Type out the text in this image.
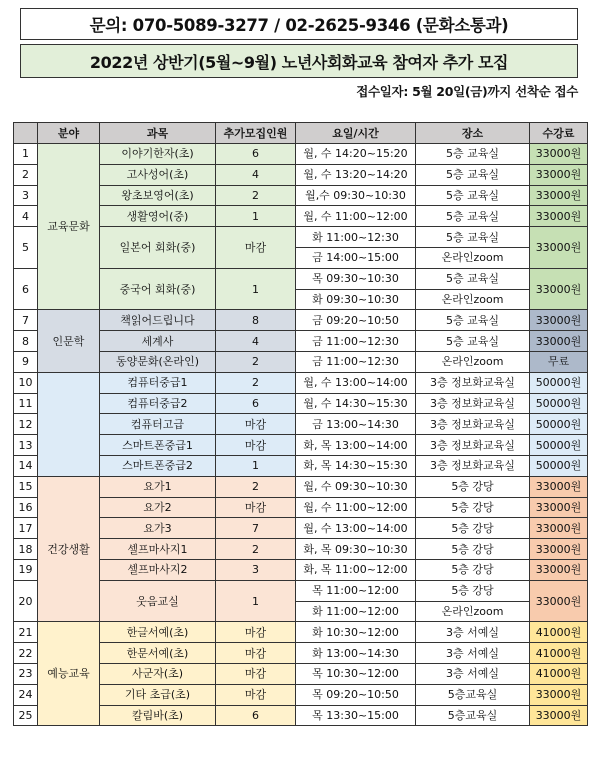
문의: 070-5089-3277 / 02-2625-9346 (문화소통과)
2022년 상반기(5월~9월) 노년사회화교육 참여자 추가 모집
접수일자: 5월 20일(금)까지 선착순 접수
	분야	과목	추가모집인원	요일/시간	장소	수강료
1	교육문화	이야기한자(초)	6	월, 수 14:20~15:20	5층 교육실	33000원
2		고사성어(초)	4	월, 수 13:20~14:20	5층 교육실	33000원
3		왕초보영어(초)	2	월,수 09:30~10:30	5층 교육실	33000원
4		생활영어(중)	1	월, 수 11:00~12:00	5층 교육실	33000원
5		일본어 회화(중)	마감	화 11:00~12:30	5층 교육실	33000원
				금 14:00~15:00	온라인zoom	
6		중국어 회화(중)	1	목 09:30~10:30	5층 교육실	33000원
				화 09:30~10:30	온라인zoom	
7	인문학	책읽어드립니다	8	금 09:20~10:50	5층 교육실	33000원
8		세계사	4	금 11:00~12:30	5층 교육실	33000원
9		동양문화(온라인)	2	금 11:00~12:30	온라인zoom	무료
10		컴퓨터중급1	2	월, 수 13:00~14:00	3층 정보화교육실	50000원
11		컴퓨터중급2	6	월, 수 14:30~15:30	3층 정보화교육실	50000원
12		컴퓨터고급	마감	금 13:00~14:30	3층 정보화교육실	50000원
13		스마트폰중급1	마감	화, 목 13:00~14:00	3층 정보화교육실	50000원
14		스마트폰중급2	1	화, 목 14:30~15:30	3층 정보화교육실	50000원
15	건강생활	요가1	2	월, 수 09:30~10:30	5층 강당	33000원
16		요가2	마감	월, 수 11:00~12:00	5층 강당	33000원
17		요가3	7	월, 수 13:00~14:00	5층 강당	33000원
18		셀프마사지1	2	화, 목 09:30~10:30	5층 강당	33000원
19		셀프마사지2	3	화, 목 11:00~12:00	5층 강당	33000원
20		웃음교실	1	목 11:00~12:00	5층 강당	33000원
				화 11:00~12:00	온라인zoom	
21	예능교육	한글서예(초)	마감	화 10:30~12:00	3층 서예실	41000원
22		한문서예(초)	마감	화 13:00~14:30	3층 서예실	41000원
23		사군자(초)	마감	목 10:30~12:00	3층 서예실	41000원
24		기타 초급(초)	마감	목 09:20~10:50	5층교육실	33000원
25		칼림바(초)	6	목 13:30~15:00	5층교육실	33000원
